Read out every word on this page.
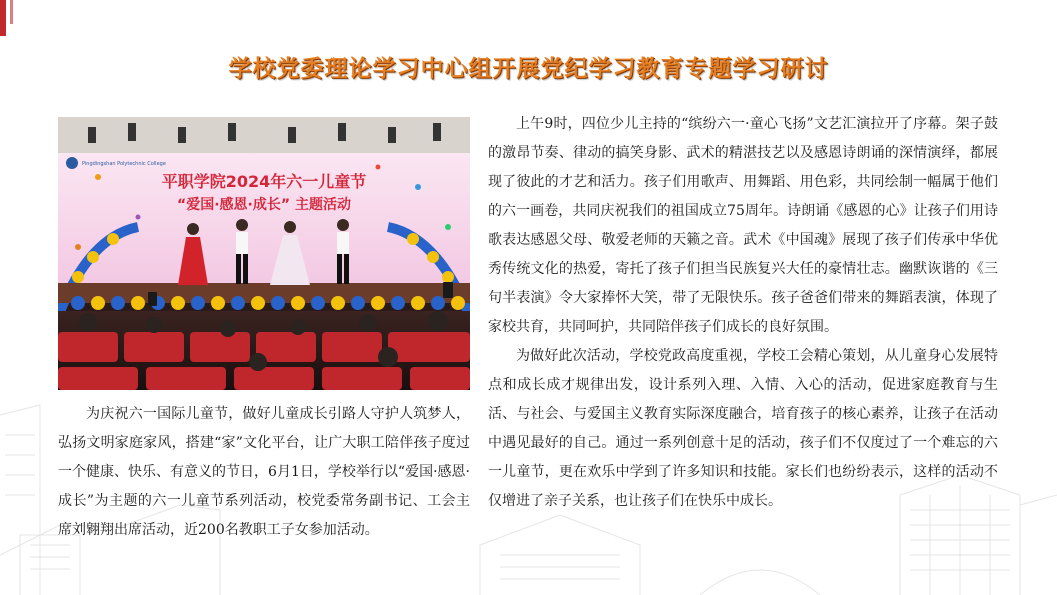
学校党委理论学习中心组开展党纪学习教育专题学习研讨
Pingdingshan Polytechnic College
平职学院2024年六一儿童节
“爱国·感恩·成长” 主题活动

为庆祝六一国际儿童节，做好儿童成长引路人守护人筑梦人，弘扬文明家庭家风，搭建“家”文化平台，让广大职工陪伴孩子度过一个健康、快乐、有意义的节日，6月1日，学校举行以“爱国·感恩·成长”为主题的六一儿童节系列活动，校党委常务副书记、工会主席刘翱翔出席活动，近200名教职工子女参加活动。

上午9时，四位少儿主持的“缤纷六一·童心飞扬”文艺汇演拉开了序幕。架子鼓的激昂节奏、律动的搞笑身影、武术的精湛技艺以及感恩诗朗诵的深情演绎，都展现了彼此的才艺和活力。孩子们用歌声、用舞蹈、用色彩，共同绘制一幅属于他们的六一画卷，共同庆祝我们的祖国成立75周年。诗朗诵《感恩的心》让孩子们用诗歌表达感恩父母、敬爱老师的天籁之音。武术《中国魂》展现了孩子们传承中华优秀传统文化的热爱，寄托了孩子们担当民族复兴大任的豪情壮志。幽默诙谐的《三句半表演》令大家捧怀大笑，带了无限快乐。孩子爸爸们带来的舞蹈表演，体现了家校共育，共同呵护，共同陪伴孩子们成长的良好氛围。

为做好此次活动，学校党政高度重视，学校工会精心策划，从儿童身心发展特点和成长成才规律出发，设计系列入理、入情、入心的活动，促进家庭教育与生活、与社会、与爱国主义教育实际深度融合，培育孩子的核心素养，让孩子在活动中遇见最好的自己。通过一系列创意十足的活动，孩子们不仅度过了一个难忘的六一儿童节，更在欢乐中学到了许多知识和技能。家长们也纷纷表示，这样的活动不仅增进了亲子关系，也让孩子们在快乐中成长。
